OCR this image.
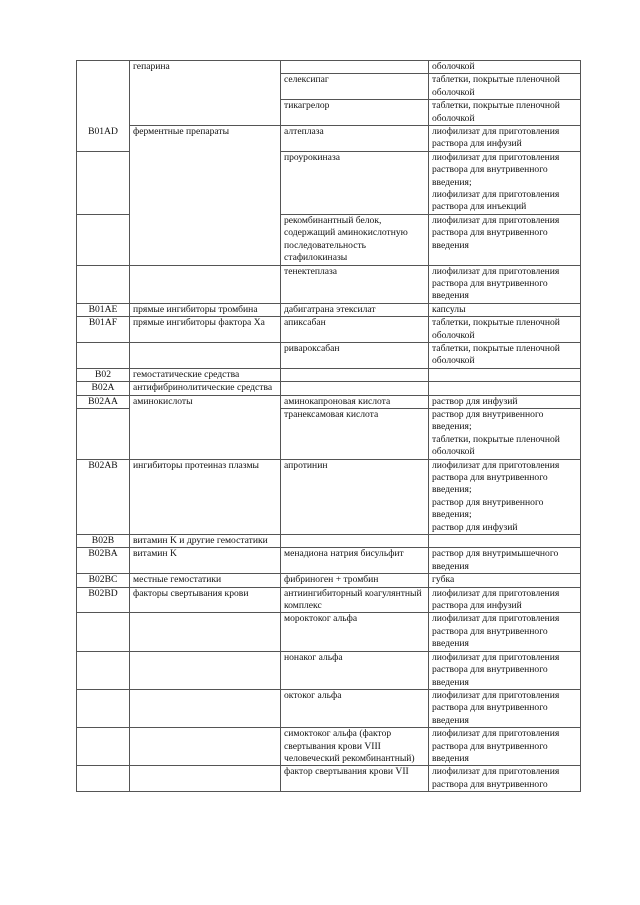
	гепарина		оболочкой
		селексипаг	таблетки, покрытые пленочной оболочкой
		тикагрелор	таблетки, покрытые пленочной оболочкой
B01AD	ферментные препараты	алтеплаза	лиофилизат для приготовления раствора для инфузий
		проурокиназа	лиофилизат для приготовления раствора для внутривенного введения;
лиофилизат для приготовления раствора для инъекций
		рекомбинантный белок, содержащий аминокислотную последовательность стафилокиназы	лиофилизат для приготовления раствора для внутривенного введения
		тенектеплаза	лиофилизат для приготовления раствора для внутривенного введения
B01AE	прямые ингибиторы тромбина	дабигатрана этексилат	капсулы
B01AF	прямые ингибиторы фактора Xa	апиксабан	таблетки, покрытые пленочной оболочкой
		ривароксабан	таблетки, покрытые пленочной оболочкой
B02	гемостатические средства		
B02A	антифибринолитические средства		
B02AA	аминокислоты	аминокапроновая кислота	раствор для инфузий
		транексамовая кислота	раствор для внутривенного введения;
таблетки, покрытые пленочной оболочкой
B02AB	ингибиторы протеиназ плазмы	апротинин	лиофилизат для приготовления раствора для внутривенного введения;
раствор для внутривенного введения;
раствор для инфузий
B02B	витамин K и другие гемостатики		
B02BA	витамин K	менадиона натрия бисульфит	раствор для внутримышечного введения
B02BC	местные гемостатики	фибриноген + тромбин	губка
B02BD	факторы свертывания крови	антиингибиторный коагулянтный комплекс	лиофилизат для приготовления раствора для инфузий
		мороктоког альфа	лиофилизат для приготовления раствора для внутривенного введения
		нонаког альфа	лиофилизат для приготовления раствора для внутривенного введения
		октоког альфа	лиофилизат для приготовления раствора для внутривенного введения
		симоктоког альфа (фактор свертывания крови VIII человеческий рекомбинантный)	лиофилизат для приготовления раствора для внутривенного введения
		фактор свертывания крови VII	лиофилизат для приготовления раствора для внутривенного
